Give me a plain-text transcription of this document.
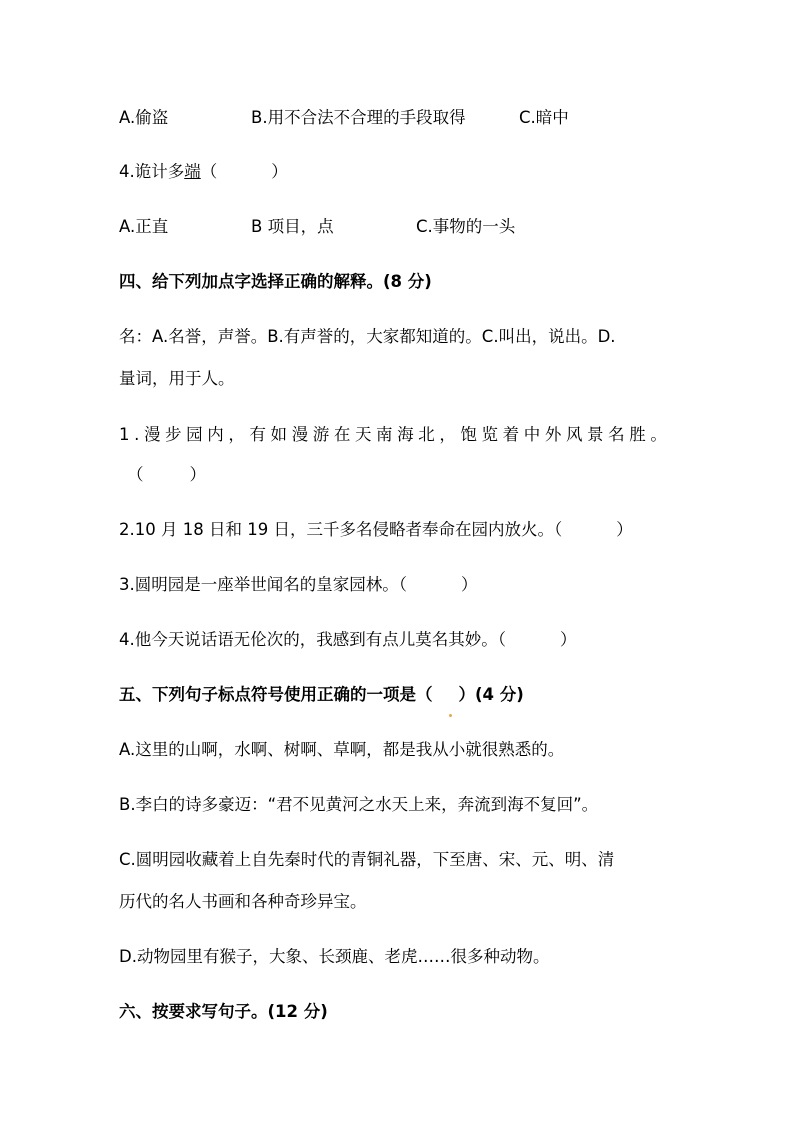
A.偷盗	B.用不合法不合理的手段取得	C.暗中
4.诡计多端（	）
A.正直	B 项目，点	C.事物的一头
四、给下列加点字选择正确的解释。(8 分)
名：A.名誉，声誉。B.有声誉的，大家都知道的。C.叫出，说出。D.
量词，用于人。
1.漫步园内，有如漫游在天南海北，饱览着中外风景名胜。
（	）
2.10 月 18 日和 19 日，三千多名侵略者奉命在园内放火。（	）
3.圆明园是一座举世闻名的皇家园林。（	）
4.他今天说话语无伦次的，我感到有点儿莫名其妙。（	）
五、下列句子标点符号使用正确的一项是（ ）(4 分)
A.这里的山啊，水啊、树啊、草啊，都是我从小就很熟悉的。
B.李白的诗多豪迈：“君不见黄河之水天上来，奔流到海不复回”。
C.圆明园收藏着上自先秦时代的青铜礼器，下至唐、宋、元、明、清
历代的名人书画和各种奇珍异宝。
D.动物园里有猴子，大象、长颈鹿、老虎……很多种动物。
六、按要求写句子。(12 分)
